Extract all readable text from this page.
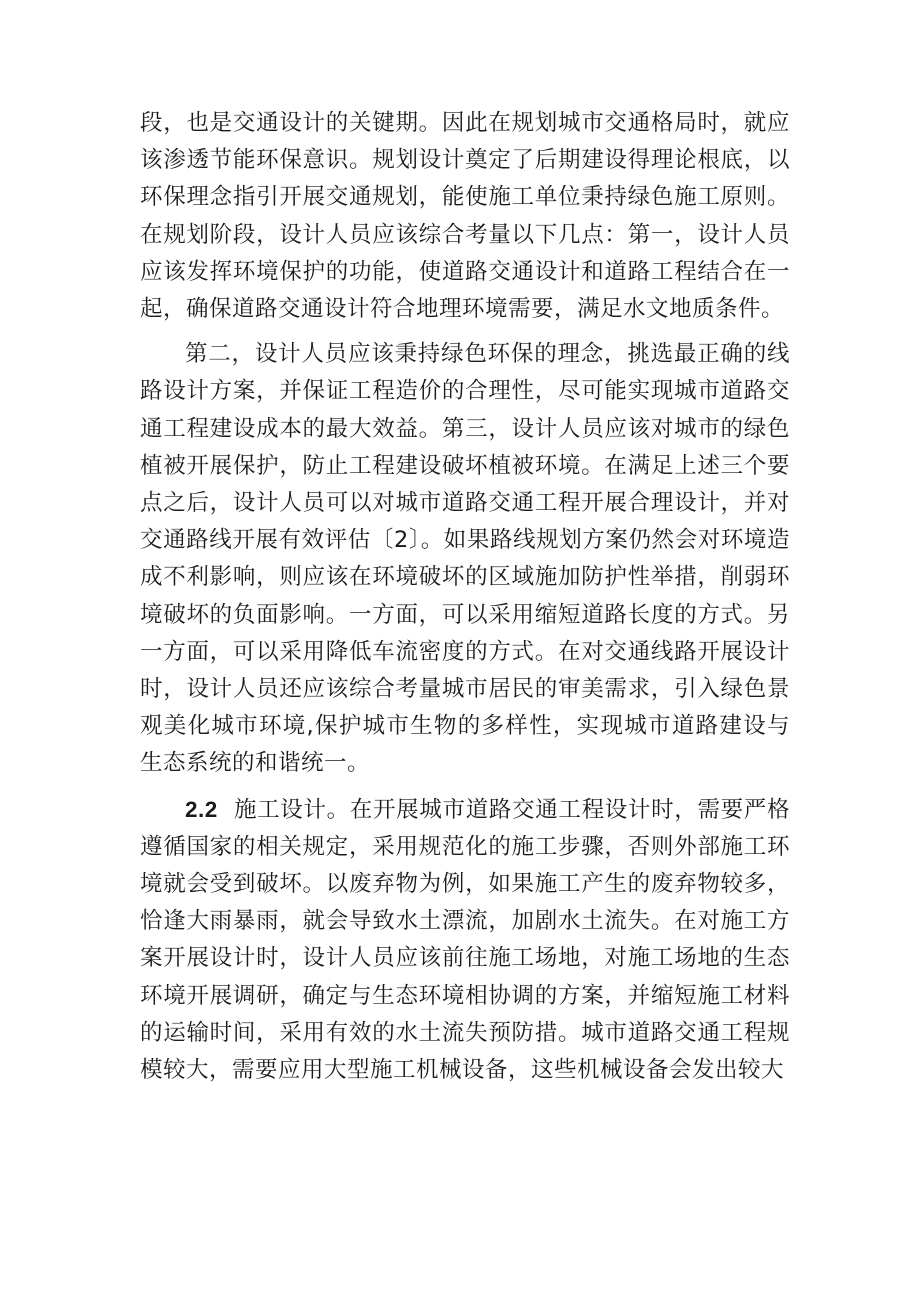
段，也是交通设计的关键期。因此在规划城市交通格局时，就应该渗透节能环保意识。规划设计奠定了后期建设得理论根底，以环保理念指引开展交通规划，能使施工单位秉持绿色施工原则。在规划阶段，设计人员应该综合考量以下几点：第一，设计人员应该发挥环境保护的功能，使道路交通设计和道路工程结合在一起，确保道路交通设计符合地理环境需要，满足水文地质条件。

第二，设计人员应该秉持绿色环保的理念，挑选最正确的线路设计方案，并保证工程造价的合理性，尽可能实现城市道路交通工程建设成本的最大效益。第三，设计人员应该对城市的绿色植被开展保护，防止工程建设破坏植被环境。在满足上述三个要点之后，设计人员可以对城市道路交通工程开展合理设计，并对交通路线开展有效评估〔2〕。如果路线规划方案仍然会对环境造成不利影响，则应该在环境破坏的区域施加防护性举措，削弱环境破坏的负面影响。一方面，可以采用缩短道路长度的方式。另一方面，可以采用降低车流密度的方式。在对交通线路开展设计时，设计人员还应该综合考量城市居民的审美需求，引入绿色景观美化城市环境,保护城市生物的多样性，实现城市道路建设与生态系统的和谐统一。

2.2 施工设计。在开展城市道路交通工程设计时，需要严格遵循国家的相关规定，采用规范化的施工步骤，否则外部施工环境就会受到破坏。以废弃物为例，如果施工产生的废弃物较多，恰逢大雨暴雨，就会导致水土漂流，加剧水土流失。在对施工方案开展设计时，设计人员应该前往施工场地，对施工场地的生态环境开展调研，确定与生态环境相协调的方案，并缩短施工材料的运输时间，采用有效的水土流失预防措。城市道路交通工程规模较大，需要应用大型施工机械设备，这些机械设备会发出较大
